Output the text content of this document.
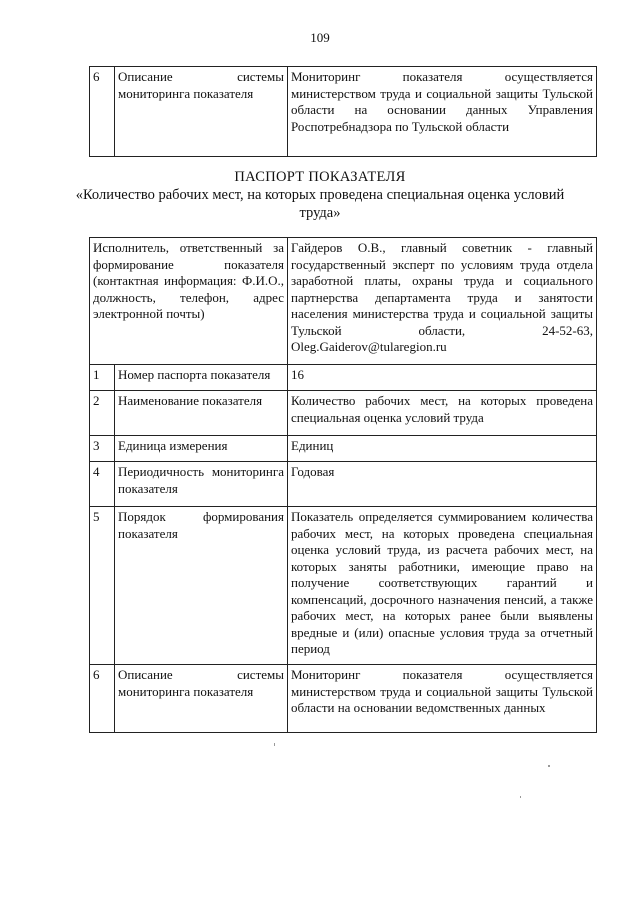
109
6	Описание системы мониторинга показателя	Мониторинг показателя осуществляется министерством труда и социальной защиты Тульской области на основании данных Управления Роспотребнадзора по Тульской области
ПАСПОРТ ПОКАЗАТЕЛЯ
«Количество рабочих мест, на которых проведена специальная оценка условий труда»
Исполнитель, ответственный за формирование показателя (контактная информация: Ф.И.О., должность, телефон, адрес электронной почты)		Гайдеров О.В., главный советник - главный государственный эксперт по условиям труда отдела заработной платы, охраны труда и социального партнерства департамента труда и занятости населения министерства труда и социальной защиты Тульской области, 24-52-63, Oleg.Gaiderov@tularegion.ru
1	Номер паспорта показателя	16
2	Наименование показателя	Количество рабочих мест, на которых проведена специальная оценка условий труда
3	Единица измерения	Единиц
4	Периодичность мониторинга показателя	Годовая
5	Порядок формирования показателя	Показатель определяется суммированием количества рабочих мест, на которых проведена специальная оценка условий труда, из расчета рабочих мест, на которых заняты работники, имеющие право на получение соответствующих гарантий и компенсаций, досрочного назначения пенсий, а также рабочих мест, на которых ранее были выявлены вредные и (или) опасные условия труда за отчетный период
6	Описание системы мониторинга показателя	Мониторинг показателя осуществляется министерством труда и социальной защиты Тульской области на основании ведомственных данных
